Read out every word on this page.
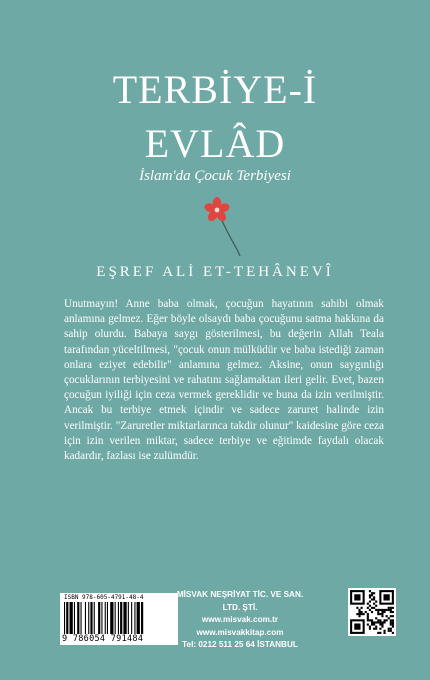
TERBİYE-İ
EVLÂD
İslam'da Çocuk Terbiyesi
EŞREF ALİ ET-TEHÂNEVÎ
Unutmayın! Anne baba olmak, çocuğun hayatının sahibi olmak anlamına gelmez. Eğer böyle olsaydı baba çocuğunu satma hakkına da sahip olurdu. Babaya saygı gösterilmesi, bu değerin Allah Teala tarafından yüceltilmesi, "çocuk onun mülküdür ve baba istediği zaman onlara eziyet edebilir" anlamına gelmez. Aksine, onun saygınlığı çocuklarının terbiyesini ve rahatını sağlamaktan ileri gelir. Evet, bazen çocuğun iyiliği için ceza vermek gereklidir ve buna da izin verilmiştir. Ancak bu terbiye etmek içindir ve sadece zaruret halinde izin verilmiştir. "Zaruretler miktarlarınca takdir olunur" kaidesine göre ceza için izin verilen miktar, sadece terbiye ve eğitimde faydalı olacak kadardır, fazlası ise zulümdür.
ISBN 978-605-4791-48-4
9 786054 791484
MİSVAK NEŞRİYAT TİC. VE SAN. LTD. ŞTİ.
www.misvak.com.tr
www.misvakkitap.com
Tel: 0212 511 25 64 İSTANBUL
